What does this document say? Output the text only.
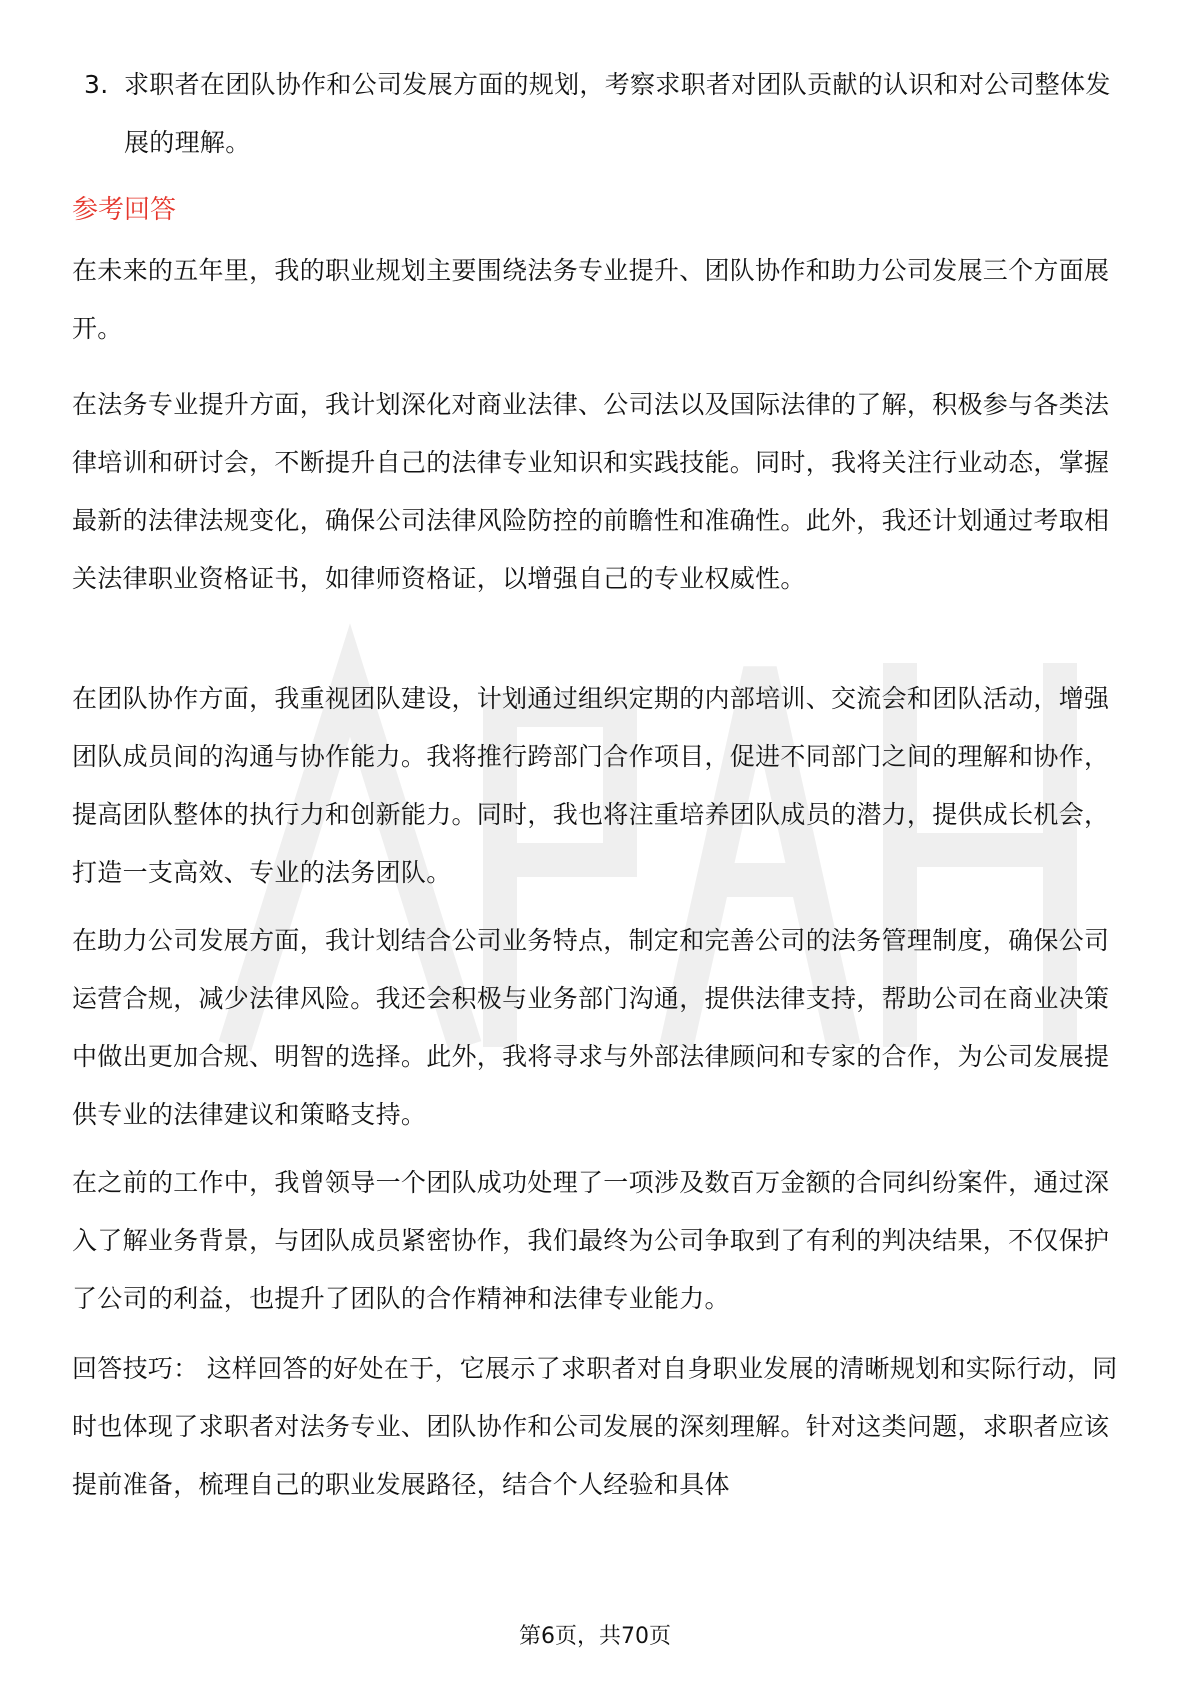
3. 求职者在团队协作和公司发展方面的规划，考察求职者对团队贡献的认识和对公司整体发展的理解。

参考回答

在未来的五年里，我的职业规划主要围绕法务专业提升、团队协作和助力公司发展三个方面展开。

在法务专业提升方面，我计划深化对商业法律、公司法以及国际法律的了解，积极参与各类法律培训和研讨会，不断提升自己的法律专业知识和实践技能。同时，我将关注行业动态，掌握最新的法律法规变化，确保公司法律风险防控的前瞻性和准确性。此外，我还计划通过考取相关法律职业资格证书，如律师资格证，以增强自己的专业权威性。

在团队协作方面，我重视团队建设，计划通过组织定期的内部培训、交流会和团队活动，增强团队成员间的沟通与协作能力。我将推行跨部门合作项目，促进不同部门之间的理解和协作，提高团队整体的执行力和创新能力。同时，我也将注重培养团队成员的潜力，提供成长机会，打造一支高效、专业的法务团队。

在助力公司发展方面，我计划结合公司业务特点，制定和完善公司的法务管理制度，确保公司运营合规，减少法律风险。我还会积极与业务部门沟通，提供法律支持，帮助公司在商业决策中做出更加合规、明智的选择。此外，我将寻求与外部法律顾问和专家的合作，为公司发展提供专业的法律建议和策略支持。

在之前的工作中，我曾领导一个团队成功处理了一项涉及数百万金额的合同纠纷案件，通过深入了解业务背景，与团队成员紧密协作，我们最终为公司争取到了有利的判决结果，不仅保护了公司的利益，也提升了团队的合作精神和法律专业能力。

回答技巧： 这样回答的好处在于，它展示了求职者对自身职业发展的清晰规划和实际行动，同时也体现了求职者对法务专业、团队协作和公司发展的深刻理解。针对这类问题，求职者应该提前准备，梳理自己的职业发展路径，结合个人经验和具体

第6页，共70页
